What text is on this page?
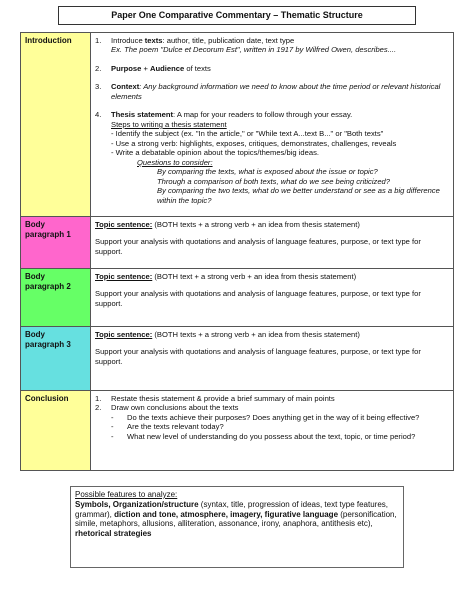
Paper One Comparative Commentary – Thematic Structure
Introduction	1. Introduce texts: author, title, publication date, text type
Ex. The poem "Dulce et Decorum Est", written in 1917 by Wilfred Owen, describes....
2. Purpose + Audience of texts
3. Context: Any background information we need to know about the time period or relevant historical elements
4. Thesis statement: A map for your readers to follow through your essay.
Steps to writing a thesis statement
- Identify the subject (ex. "In the article," or "While text A...text B..." or "Both texts"
- Use a strong verb: highlights, exposes, critiques, demonstrates, challenges, reveals
- Write a debatable opinion about the topics/themes/big ideas.
Questions to consider:
By comparing the texts, what is exposed about the issue or topic?
Through a comparison of both texts, what do we see being criticized?
By comparing the two texts, what do we better understand or see as a big difference within the topic?
Body paragraph 1
Topic sentence: (BOTH texts + a strong verb + an idea from thesis statement)
Support your analysis with quotations and analysis of language features, purpose, or text type for support.
Body paragraph 2
Topic sentence: (BOTH text + a strong verb + an idea from thesis statement)
Support your analysis with quotations and analysis of language features, purpose, or text type for support.
Body paragraph 3
Topic sentence: (BOTH texts + a strong verb + an idea from thesis statement)
Support your analysis with quotations and analysis of language features, purpose, or text type for support.
Conclusion	1. Restate thesis statement & provide a brief summary of main points
2. Draw own conclusions about the texts
- Do the texts achieve their purposes? Does anything get in the way of it being effective?
- Are the texts relevant today?
- What new level of understanding do you possess about the text, topic, or time period?
Possible features to analyze:
Symbols, Organization/structure (syntax, title, progression of ideas, text type features, grammar), diction and tone, atmosphere, imagery, figurative language (personification, simile, metaphors, allusions, alliteration, assonance, irony, anaphora, antithesis etc), rhetorical strategies
